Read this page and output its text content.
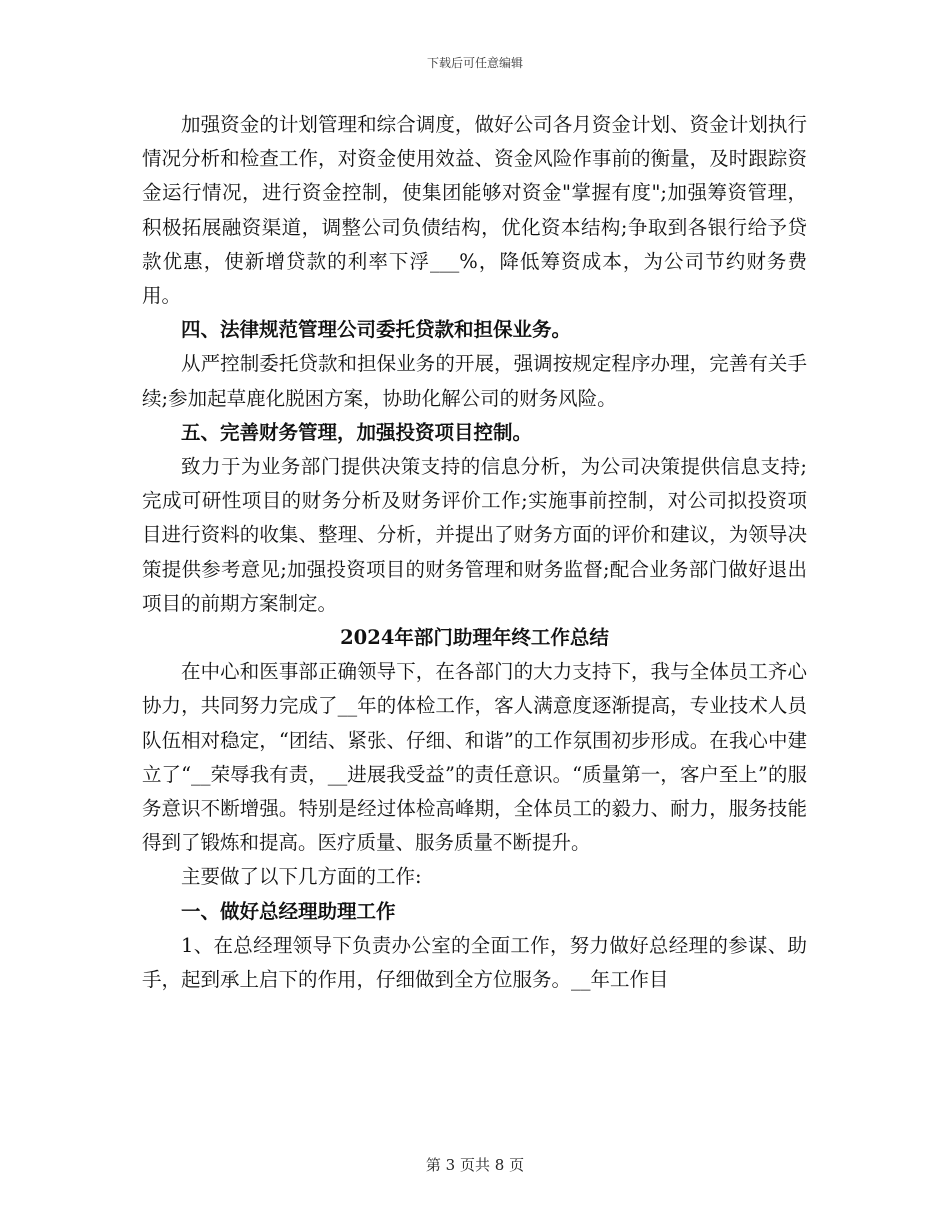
下载后可任意编辑

加强资金的计划管理和综合调度，做好公司各月资金计划、资金计划执行情况分析和检查工作，对资金使用效益、资金风险作事前的衡量，及时跟踪资金运行情况，进行资金控制，使集团能够对资金"掌握有度";加强筹资管理，积极拓展融资渠道，调整公司负债结构，优化资本结构;争取到各银行给予贷款优惠，使新增贷款的利率下浮___%，降低筹资成本，为公司节约财务费用。

四、法律规范管理公司委托贷款和担保业务。

从严控制委托贷款和担保业务的开展，强调按规定程序办理，完善有关手续;参加起草鹿化脱困方案，协助化解公司的财务风险。

五、完善财务管理，加强投资项目控制。

致力于为业务部门提供决策支持的信息分析，为公司决策提供信息支持;完成可研性项目的财务分析及财务评价工作;实施事前控制，对公司拟投资项目进行资料的收集、整理、分析，并提出了财务方面的评价和建议，为领导决策提供参考意见;加强投资项目的财务管理和财务监督;配合业务部门做好退出项目的前期方案制定。

2024年部门助理年终工作总结

在中心和医事部正确领导下，在各部门的大力支持下，我与全体员工齐心协力，共同努力完成了__年的体检工作，客人满意度逐渐提高，专业技术人员队伍相对稳定，“团结、紧张、仔细、和谐”的工作氛围初步形成。在我心中建立了“__荣辱我有责，__进展我受益”的责任意识。“质量第一，客户至上”的服务意识不断增强。特别是经过体检高峰期，全体员工的毅力、耐力，服务技能得到了锻炼和提高。医疗质量、服务质量不断提升。

主要做了以下几方面的工作:

一、做好总经理助理工作

1、在总经理领导下负责办公室的全面工作，努力做好总经理的参谋、助手，起到承上启下的作用，仔细做到全方位服务。__年工作目

第 3 页共 8 页
